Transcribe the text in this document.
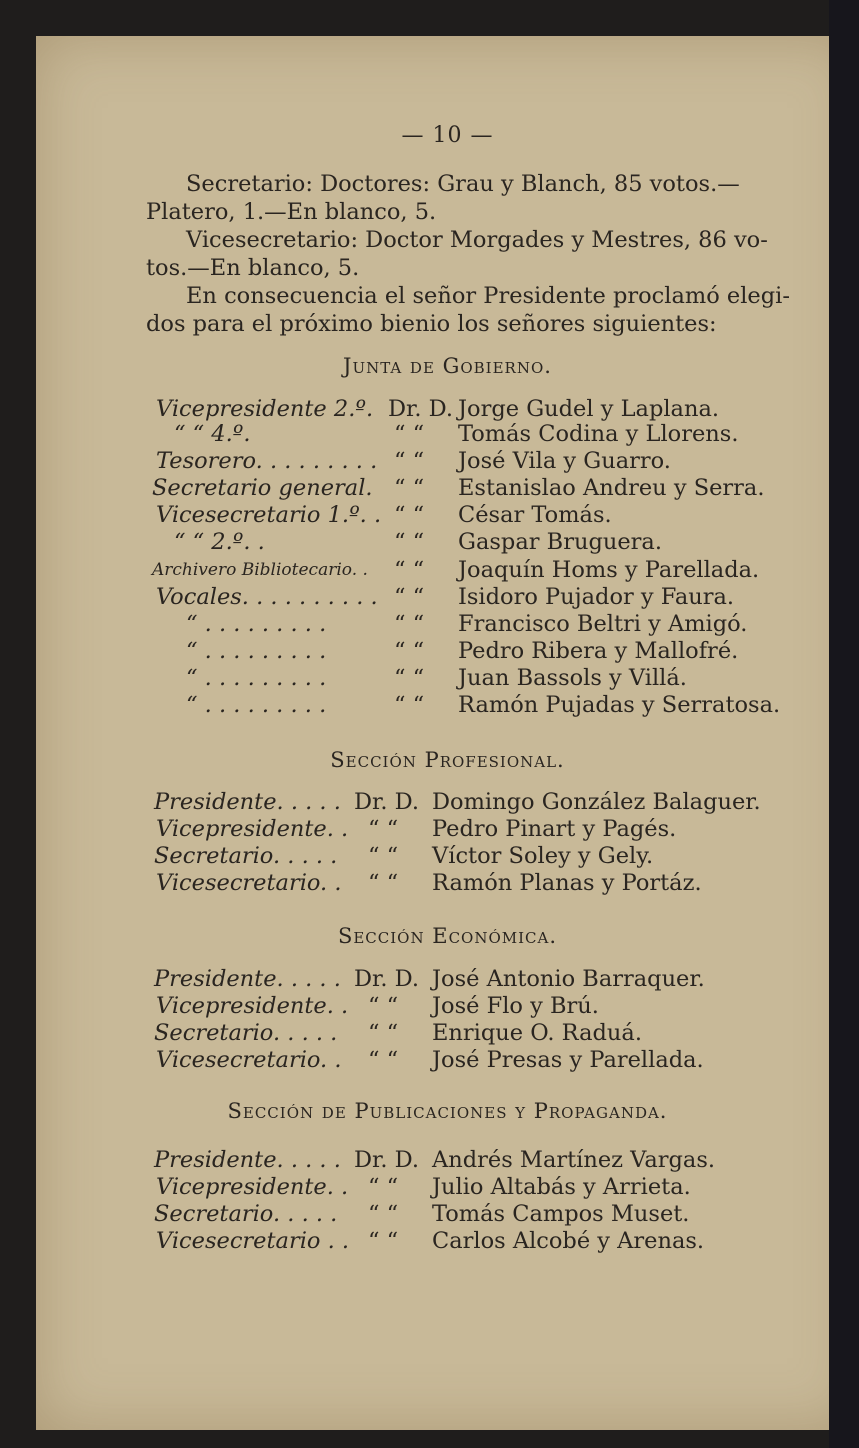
— 10 —
Secretario: Doctores: Grau y Blanch, 85 votos.—
Platero, 1.—En blanco, 5.
Vicesecretario: Doctor Morgades y Mestres, 86 vo-
tos.—En blanco, 5.
En consecuencia el señor Presidente proclamó elegi-
dos para el próximo bienio los señores siguientes:
Junta de Gobierno.
Vicepresidente 2.º. Dr. D. Jorge Gudel y Laplana.
“ “ 4.º.	“ “ Tomás Codina y Llorens.
Tesorero. . . . . . . . . “ “ José Vila y Guarro.
Secretario general. “ “ Estanislao Andreu y Serra.
Vicesecretario 1.º. . “ “ César Tomás.
“ “ 2.º. .	“ “ Gaspar Bruguera.
Archivero Bibliotecario. . “ “ Joaquín Homs y Parellada.
Vocales. . . . . . . . . . “ “ Isidoro Pujador y Faura.
“ . . . . . . . . .	“ “ Francisco Beltri y Amigó.
“ . . . . . . . . .	“ “ Pedro Ribera y Mallofré.
“ . . . . . . . . .	“ “ Juan Bassols y Villá.
“ . . . . . . . . .	“ “ Ramón Pujadas y Serratosa.
Sección Profesional.
Presidente. . . . . Dr. D. Domingo González Balaguer.
Vicepresidente. . “ “ Pedro Pinart y Pagés.
Secretario. . . . . “ “ Víctor Soley y Gely.
Vicesecretario. . “ “ Ramón Planas y Portáz.
Sección Económica.
Presidente. . . . . Dr. D. José Antonio Barraquer.
Vicepresidente. . “ “ José Flo y Brú.
Secretario. . . . . “ “ Enrique O. Raduá.
Vicesecretario. . “ “ José Presas y Parellada.
Sección de Publicaciones y Propaganda.
Presidente. . . . . Dr. D. Andrés Martínez Vargas.
Vicepresidente. . “ “ Julio Altabás y Arrieta.
Secretario. . . . . “ “ Tomás Campos Muset.
Vicesecretario . . “ “ Carlos Alcobé y Arenas.
